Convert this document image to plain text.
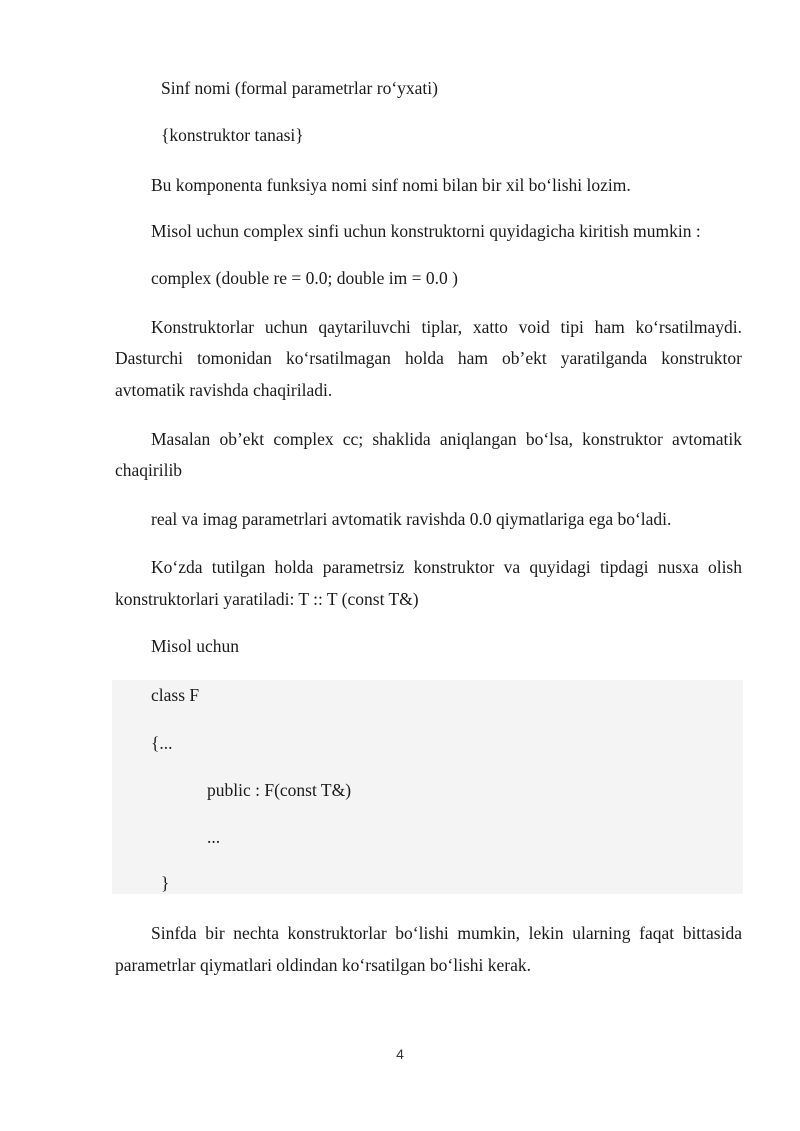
Sinf nomi (formal parametrlar ro‘yxati)
{konstruktor tanasi}
Bu komponenta funksiya nomi sinf nomi bilan bir xil bo‘lishi lozim.
Misol uchun complex sinfi uchun konstruktorni quyidagicha kiritish mumkin :
complex (double re = 0.0; double im = 0.0 )
Konstruktorlar uchun qaytariluvchi tiplar, xatto void tipi ham ko‘rsatilmaydi.
Dasturchi tomonidan ko‘rsatilmagan holda ham ob’ekt yaratilganda konstruktor
avtomatik ravishda chaqiriladi.
Masalan ob’ekt complex cc; shaklida aniqlangan bo‘lsa, konstruktor avtomatik
chaqirilib
real va imag parametrlari avtomatik ravishda 0.0 qiymatlariga ega bo‘ladi.
Ko‘zda tutilgan holda parametrsiz konstruktor va quyidagi tipdagi nusxa olish
konstruktorlari yaratiladi: T :: T (const T&)
Misol uchun
class F
{...
public : F(const T&)
...
}
Sinfda bir nechta konstruktorlar bo‘lishi mumkin, lekin ularning faqat bittasida
parametrlar qiymatlari oldindan ko‘rsatilgan bo‘lishi kerak.
4
